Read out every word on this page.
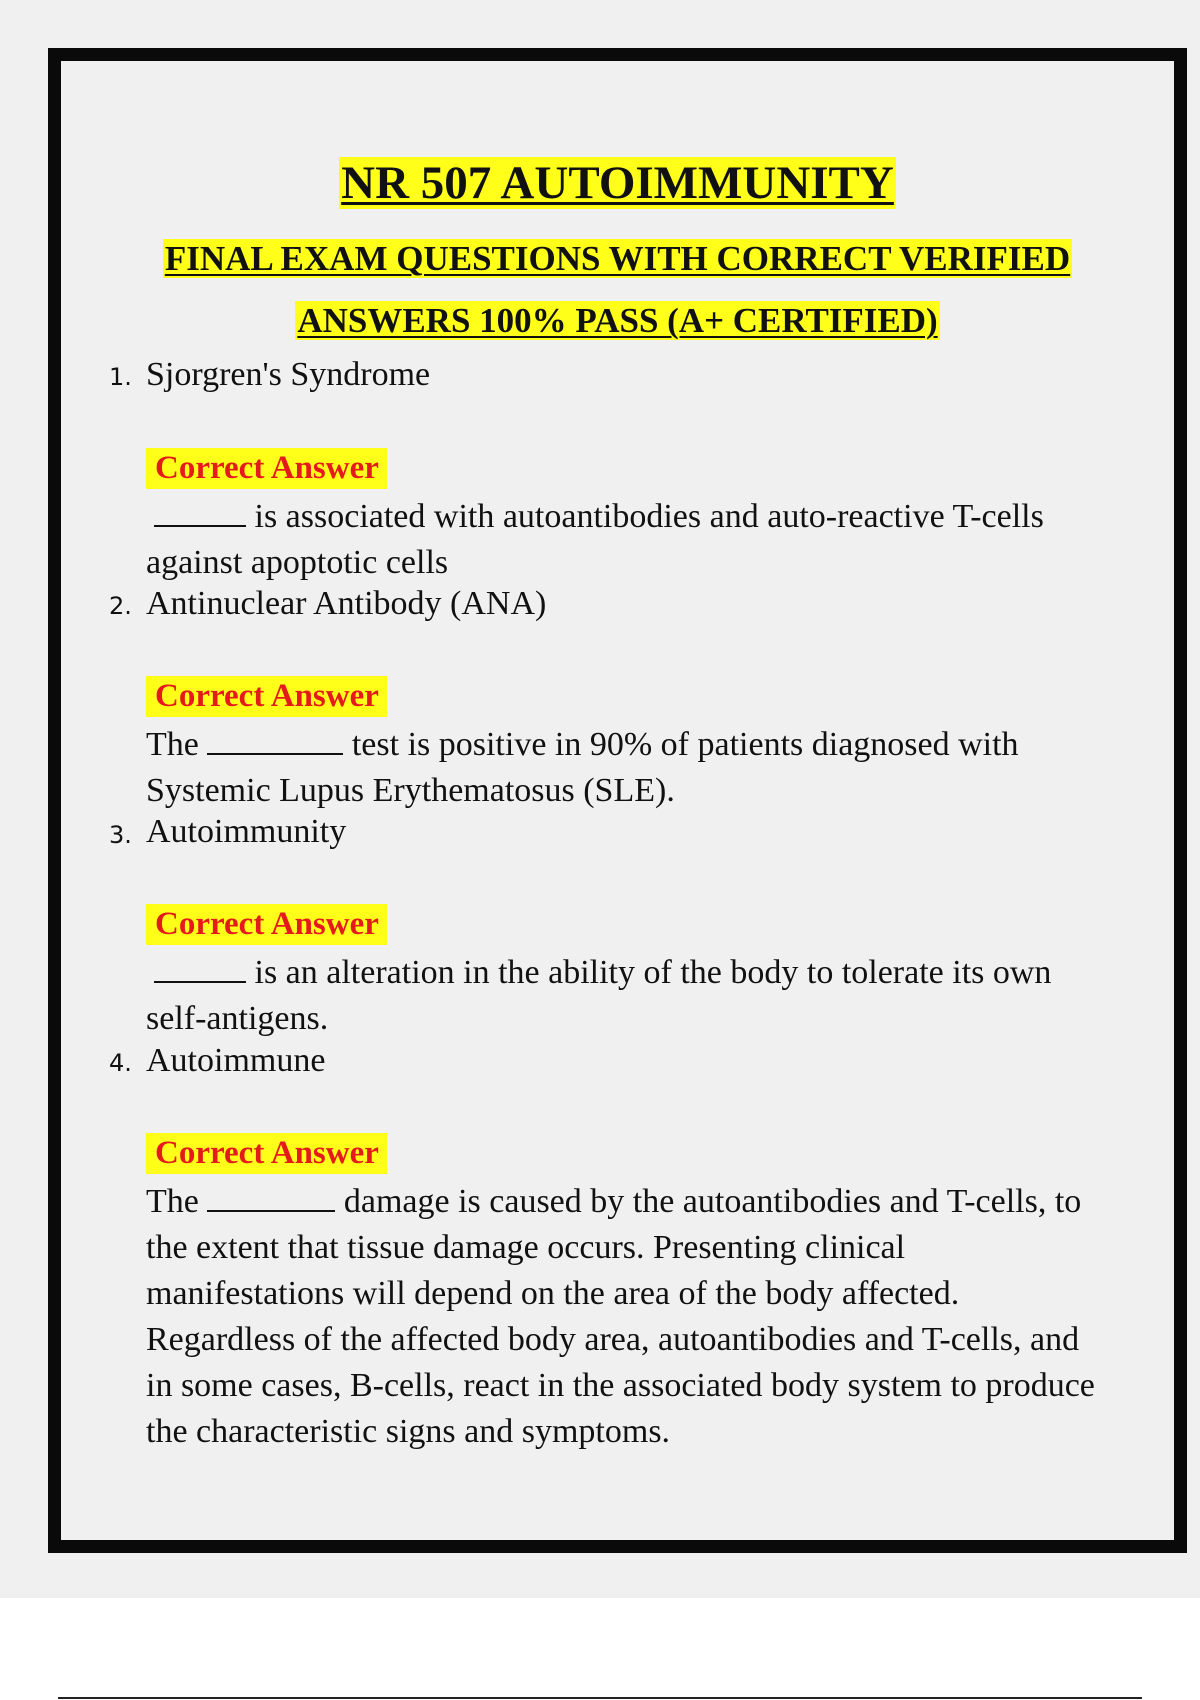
NR 507 AUTOIMMUNITY

FINAL EXAM QUESTIONS WITH CORRECT VERIFIED

ANSWERS 100% PASS (A+ CERTIFIED)

1. Sjorgren's Syndrome
Correct Answer
is associated with autoantibodies and auto-reactive T-cells against apoptotic cells
2. Antinuclear Antibody (ANA)
Correct Answer
The	test is positive in 90% of patients diagnosed with Systemic Lupus Erythematosus (SLE).
3. Autoimmunity
Correct Answer
is an alteration in the ability of the body to tolerate its own self-antigens.
4. Autoimmune
Correct Answer
The	damage is caused by the autoantibodies and T-cells, to the extent that tissue damage occurs. Presenting clinical manifestations will depend on the area of the body affected. Regardless of the affected body area, autoantibodies and T-cells, and in some cases, B-cells, react in the associated body system to produce the characteristic signs and symptoms.
